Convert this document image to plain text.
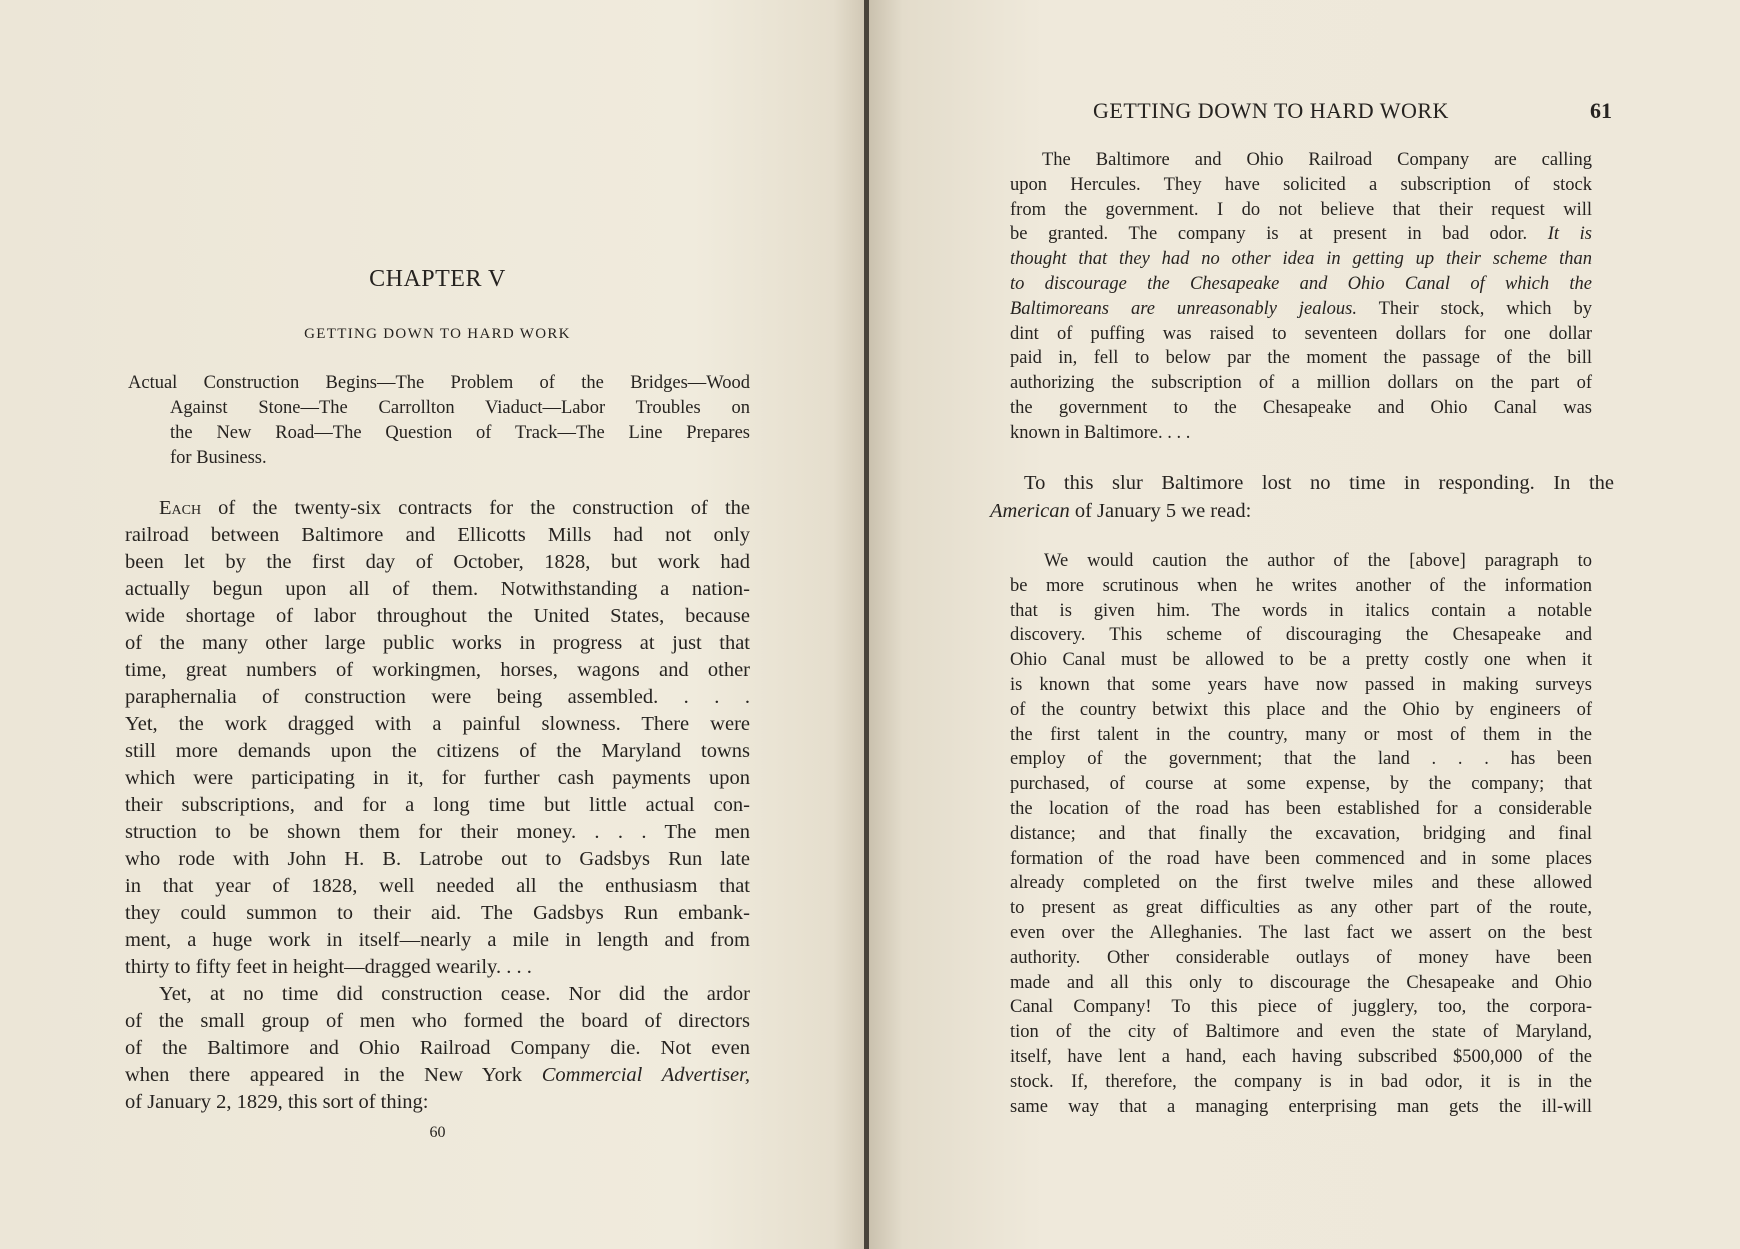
CHAPTER V
GETTING DOWN TO HARD WORK
Actual Construction Begins—The Problem of the Bridges—Wood
Against Stone—The Carrollton Viaduct—Labor Troubles on
the New Road—The Question of Track—The Line Prepares
for Business.
Each of the twenty-six contracts for the construction of the
railroad between Baltimore and Ellicotts Mills had not only
been let by the first day of October, 1828, but work had
actually begun upon all of them. Notwithstanding a nation-
wide shortage of labor throughout the United States, because
of the many other large public works in progress at just that
time, great numbers of workingmen, horses, wagons and other
paraphernalia of construction were being assembled. . . .
Yet, the work dragged with a painful slowness. There were
still more demands upon the citizens of the Maryland towns
which were participating in it, for further cash payments upon
their subscriptions, and for a long time but little actual con-
struction to be shown them for their money. . . . The men
who rode with John H. B. Latrobe out to Gadsbys Run late
in that year of 1828, well needed all the enthusiasm that
they could summon to their aid. The Gadsbys Run embank-
ment, a huge work in itself—nearly a mile in length and from
thirty to fifty feet in height—dragged wearily. . . .
Yet, at no time did construction cease. Nor did the ardor
of the small group of men who formed the board of directors
of the Baltimore and Ohio Railroad Company die. Not even
when there appeared in the New York Commercial Advertiser,
of January 2, 1829, this sort of thing:
60
GETTING DOWN TO HARD WORK	61
The Baltimore and Ohio Railroad Company are calling
upon Hercules. They have solicited a subscription of stock
from the government. I do not believe that their request will
be granted. The company is at present in bad odor. It is
thought that they had no other idea in getting up their scheme than
to discourage the Chesapeake and Ohio Canal of which the
Baltimoreans are unreasonably jealous. Their stock, which by
dint of puffing was raised to seventeen dollars for one dollar
paid in, fell to below par the moment the passage of the bill
authorizing the subscription of a million dollars on the part of
the government to the Chesapeake and Ohio Canal was
known in Baltimore. . . .
To this slur Baltimore lost no time in responding. In the
American of January 5 we read:
We would caution the author of the [above] paragraph to
be more scrutinous when he writes another of the information
that is given him. The words in italics contain a notable
discovery. This scheme of discouraging the Chesapeake and
Ohio Canal must be allowed to be a pretty costly one when it
is known that some years have now passed in making surveys
of the country betwixt this place and the Ohio by engineers of
the first talent in the country, many or most of them in the
employ of the government; that the land . . . has been
purchased, of course at some expense, by the company; that
the location of the road has been established for a considerable
distance; and that finally the excavation, bridging and final
formation of the road have been commenced and in some places
already completed on the first twelve miles and these allowed
to present as great difficulties as any other part of the route,
even over the Alleghanies. The last fact we assert on the best
authority. Other considerable outlays of money have been
made and all this only to discourage the Chesapeake and Ohio
Canal Company! To this piece of jugglery, too, the corpora-
tion of the city of Baltimore and even the state of Maryland,
itself, have lent a hand, each having subscribed $500,000 of the
stock. If, therefore, the company is in bad odor, it is in the
same way that a managing enterprising man gets the ill-will
